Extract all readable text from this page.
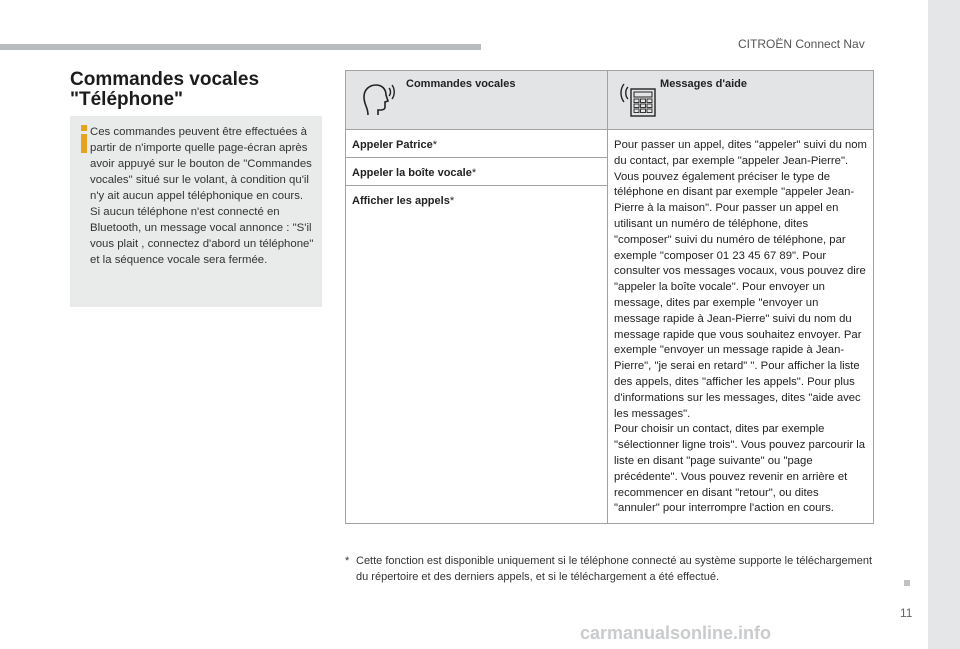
CITROËN Connect Nav
Commandes vocales
"Téléphone"

Ces commandes peuvent être effectuées à partir de n'importe quelle page-écran après avoir appuyé sur le bouton de "Commandes vocales" situé sur le volant, à condition qu'il n'y ait aucun appel téléphonique en cours.

Si aucun téléphone n'est connecté en Bluetooth, un message vocal annonce : "S'il vous plait , connectez d'abord un téléphone" et la séquence vocale sera fermée.

Commandes vocales	Messages d'aide

Appeler Patrice*	Pour passer un appel, dites "appeler" suivi du nom du contact, par exemple "appeler Jean-Pierre". Vous pouvez également préciser le type de téléphone en disant par exemple "appeler Jean-Pierre à la maison". Pour passer un appel en utilisant un numéro de téléphone, dites "composer" suivi du numéro de téléphone, par exemple "composer 01 23 45 67 89". Pour consulter vos messages vocaux, vous pouvez dire "appeler la boîte vocale". Pour envoyer un message, dites par exemple "envoyer un message rapide à Jean-Pierre" suivi du nom du message rapide que vous souhaitez envoyer. Par exemple "envoyer un message rapide à Jean-Pierre", "je serai en retard" ". Pour afficher la liste des appels, dites "afficher les appels". Pour plus d'informations sur les messages, dites "aide avec les messages".

Pour choisir un contact, dites par exemple "sélectionner ligne trois". Vous pouvez parcourir la liste en disant "page suivante" ou "page précédente". Vous pouvez revenir en arrière et recommencer en disant "retour", ou dites "annuler" pour interrompre l'action en cours.

Appeler la boîte vocale*	
Afficher les appels*	
* Cette fonction est disponible uniquement si le téléphone connecté au système supporte le téléchargement du répertoire et des derniers appels, et si le téléchargement a été effectué.
11
carmanualsonline.info
